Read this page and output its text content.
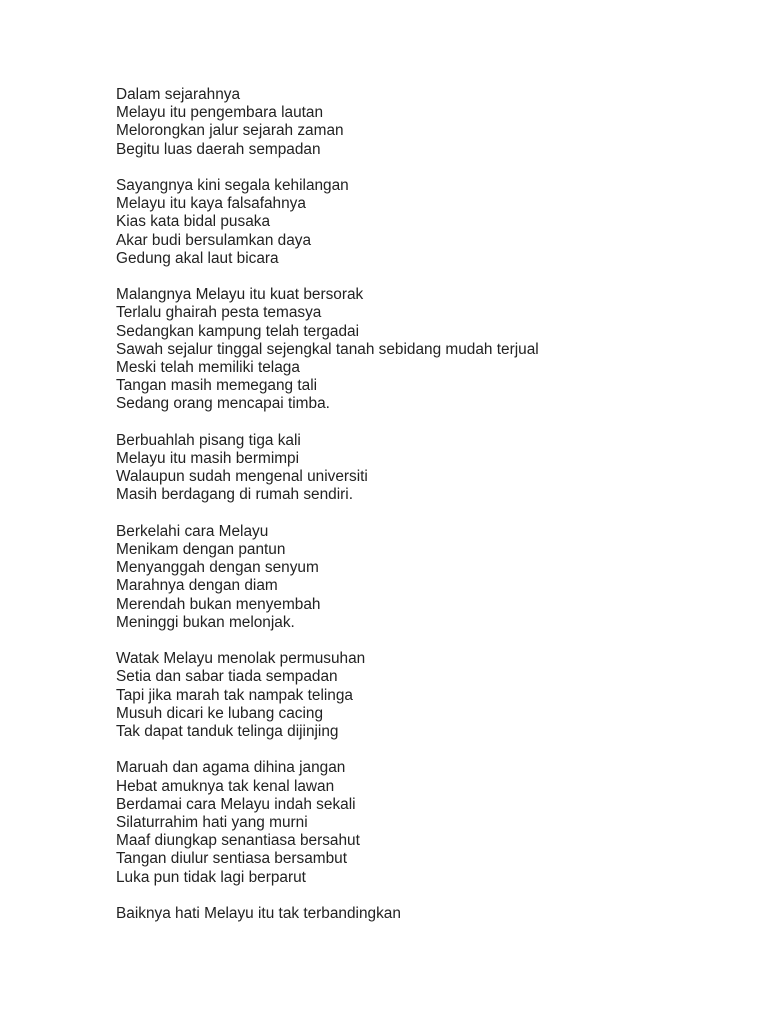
Dalam sejarahnya
Melayu itu pengembara lautan
Melorongkan jalur sejarah zaman
Begitu luas daerah sempadan
Sayangnya kini segala kehilangan
Melayu itu kaya falsafahnya
Kias kata bidal pusaka
Akar budi bersulamkan daya
Gedung akal laut bicara
Malangnya Melayu itu kuat bersorak
Terlalu ghairah pesta temasya
Sedangkan kampung telah tergadai
Sawah sejalur tinggal sejengkal tanah sebidang mudah terjual
Meski telah memiliki telaga
Tangan masih memegang tali
Sedang orang mencapai timba.
Berbuahlah pisang tiga kali
Melayu itu masih bermimpi
Walaupun sudah mengenal universiti
Masih berdagang di rumah sendiri.
Berkelahi cara Melayu
Menikam dengan pantun
Menyanggah dengan senyum
Marahnya dengan diam
Merendah bukan menyembah
Meninggi bukan melonjak.
Watak Melayu menolak permusuhan
Setia dan sabar tiada sempadan
Tapi jika marah tak nampak telinga
Musuh dicari ke lubang cacing
Tak dapat tanduk telinga dijinjing
Maruah dan agama dihina jangan
Hebat amuknya tak kenal lawan
Berdamai cara Melayu indah sekali
Silaturrahim hati yang murni
Maaf diungkap senantiasa bersahut
Tangan diulur sentiasa bersambut
Luka pun tidak lagi berparut
Baiknya hati Melayu itu tak terbandingkan
